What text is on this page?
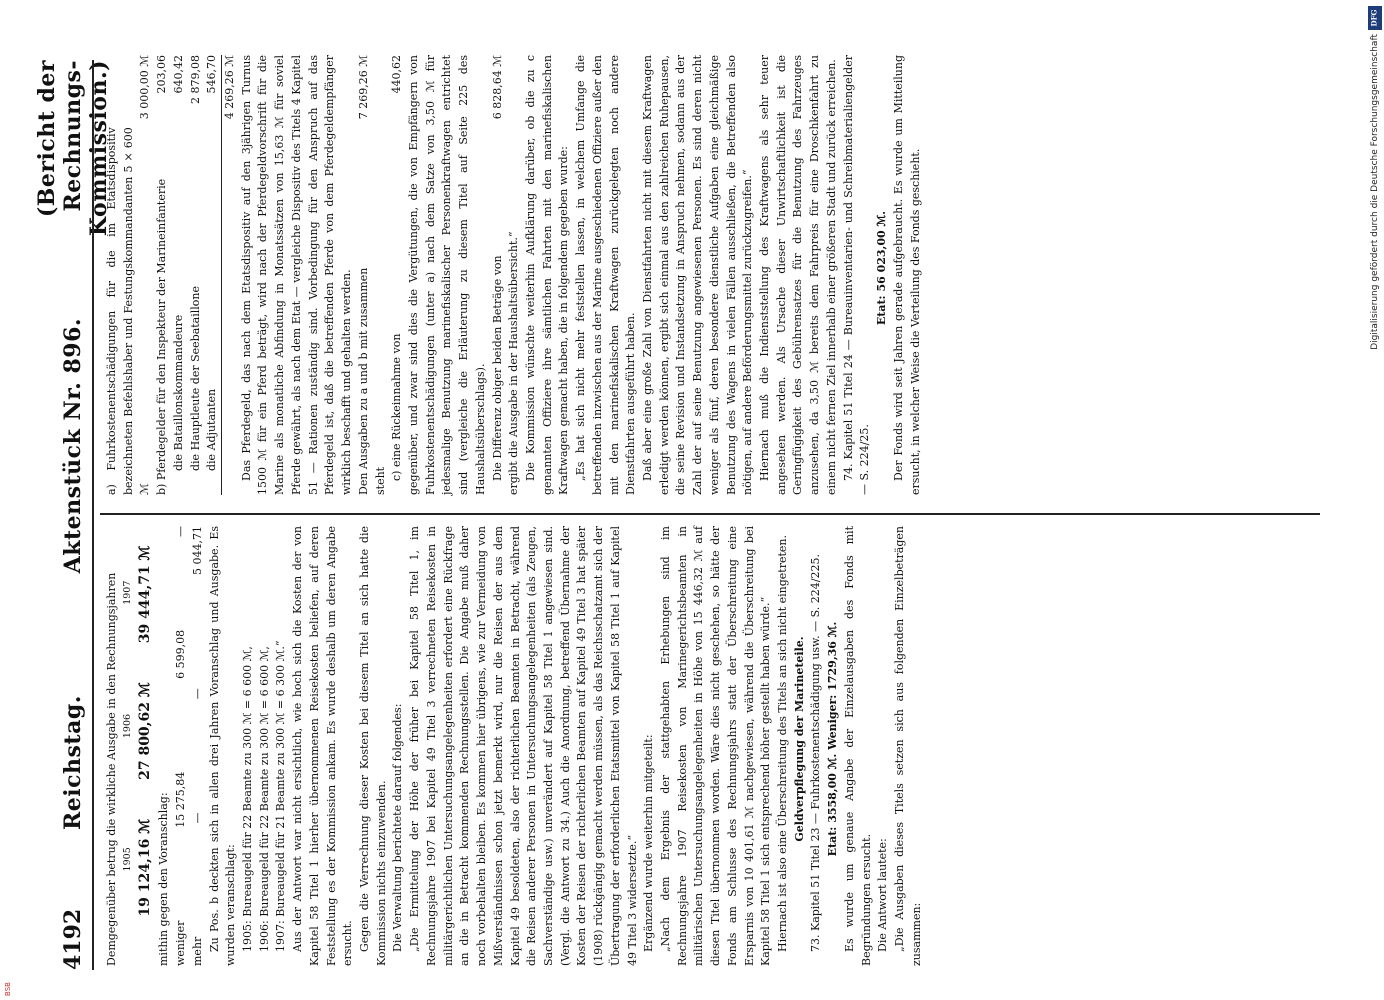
4192
Reichstag.
Aktenstück Nr. 896.
(Bericht der Rechnungs-Kommission.)

Demgegenüber betrug die wirkliche Ausgabe in den Rechnungsjahren 1905
1906
1907
19 124,16 ℳ
27 800,62 ℳ
39 444,71 ℳ

mithin gegen den Voranschlag: weniger
15 275,84
6 599,08
—
mehr
—
—
5 044,71 Zu Pos. b deckten sich in allen drei Jahren Voranschlag und Ausgabe. Es wurden veranschlagt: 1905: Bureaugeld für 22 Beamte zu 300 ℳ = 6 600 ℳ, 1906: Bureaugeld für 22 Beamte zu 300 ℳ = 6 600 ℳ, 1907: Bureaugeld für 21 Beamte zu 300 ℳ = 6 300 ℳ.“ Aus der Antwort war nicht ersichtlich, wie hoch sich die Kosten der von Kapitel 58 Titel 1 hierher übernommenen Reisekosten beliefen, auf deren Feststellung es der Kommission ankam. Es wurde deshalb um deren Angabe ersucht. Gegen die Verrechnung dieser Kosten bei diesem Titel an sich hatte die Kommission nichts einzuwenden. Die Verwaltung berichtete darauf folgendes: „Die Ermittelung der Höhe der früher bei Kapitel 58 Titel 1, im Rechnungsjahre 1907 bei Kapitel 49 Titel 3 verrechneten Reisekosten in militärgerichtlichen Untersuchungsangelegenheiten erfordert eine Rückfrage an die in Betracht kommenden Rechnungsstellen. Die Angabe muß daher noch vorbehalten bleiben. Es kommen hier übrigens, wie zur Vermeidung von Mißverständnissen schon jetzt bemerkt wird, nur die Reisen der aus dem Kapitel 49 besoldeten, also der richterlichen Beamten in Betracht, während die Reisen anderer Personen in Untersuchungsangelegenheiten (als Zeugen, Sachverständige usw.) unverändert auf Kapitel 58 Titel 1 angewiesen sind. (Vergl. die Antwort zu 34.) Auch die Anordnung, betreffend Übernahme der Kosten der Reisen der richterlichen Beamten auf Kapitel 49 Titel 3 hat später (1908) rückgängig gemacht werden müssen, als das Reichsschatzamt sich der Übertragung der erforderlichen Etatsmittel von Kapitel 58 Titel 1 auf Kapitel 49 Titel 3 widersetzte.“ Ergänzend wurde weiterhin mitgeteilt: „Nach dem Ergebnis der stattgehabten Erhebungen sind im Rechnungsjahre 1907 Reisekosten von Marinegerichtsbeamten in militärischen Untersuchungsangelegenheiten in Höhe von 15 446,32 ℳ auf diesen Titel übernommen worden. Wäre dies nicht geschehen, so hätte der Fonds am Schlusse des Rechnungsjahrs statt der Überschreitung eine Ersparnis von 10 401,61 ℳ nachgewiesen, während die Überschreitung bei Kapitel 58 Titel 1 sich entsprechend höher gestellt haben würde.“ Hiernach ist also eine Überschreitung des Titels an sich nicht eingetreten. Geldverpflegung der Marineteile. 73. Kapitel 51 Titel 23 — Fuhrkostenentschädigung usw. — S. 224/225. Etat: 3558,00 ℳ. Weniger: 1729,36 ℳ. Es wurde um genaue Angabe der Einzelausgaben des Fonds mit Begründungen ersucht. Die Antwort lautete: „Die Ausgaben dieses Titels setzen sich aus folgenden Einzelbeträgen zusammen:

a) Fuhrkostenentschädigungen für die im Etatsdispositiv bezeichneten Befehlshaber und Festungskommandanten 5 × 600 ℳ
3 000,00 ℳ
b) Pferdegelder für den Inspekteur der Marineinfanterie
203,06
die Bataillonskommandeure
640,42
die Hauptleute der Seebataillone
2 879,08
die Adjutanten
546,70 4 269,26 ℳ Das Pferdegeld, das nach dem Etatsdispositiv auf den 3jährigen Turnus 1500 ℳ für ein Pferd beträgt, wird nach der Pferdegeldvorschrift für die Marine als monatliche Abfindung in Monatssätzen von 15,63 ℳ für soviel Pferde gewährt, als nach dem Etat — vergleiche Dispositiv des Titels 4 Kapitel 51 — Rationen zuständig sind. Vorbedingung für den Anspruch auf das Pferdegeld ist, daß die betreffenden Pferde von dem Pferdegeldempfänger wirklich beschafft und gehalten werden. Den Ausgaben zu a und b mit zusammen
7 269,26 ℳ

steht c) eine Rückeinnahme von
440,62 gegenüber, und zwar sind dies die Vergütungen, die von Empfängern von Fuhrkostenentschädigungen (unter a) nach dem Satze von 3,50 ℳ für jedesmalige Benutzung marinefiskalischer Personenkraftwagen entrichtet sind (vergleiche die Erläuterung zu diesem Titel auf Seite 225 des Haushaltsüberschlags). Die Differenz obiger beiden Beträge von
6 828,64 ℳ

ergibt die Ausgabe in der Haushaltsübersicht.“ Die Kommission wünschte weiterhin Aufklärung darüber, ob die zu c genannten Offiziere ihre sämtlichen Fahrten mit den marinefiskalischen Kraftwagen gemacht haben, die in folgendem gegeben wurde: „Es hat sich nicht mehr feststellen lassen, in welchem Umfange die betreffenden inzwischen aus der Marine ausgeschiedenen Offiziere außer den mit den marinefiskalischen Kraftwagen zurückgelegten noch andere Dienstfahrten ausgeführt haben. Daß aber eine große Zahl von Dienstfahrten nicht mit diesem Kraftwagen erledigt werden können, ergibt sich einmal aus den zahlreichen Ruhepausen, die seine Revision und Instandsetzung in Anspruch nehmen, sodann aus der Zahl der auf seine Benutzung angewiesenen Personen. Es sind deren nicht weniger als fünf, deren besondere dienstliche Aufgaben eine gleichmäßige Benutzung des Wagens in vielen Fällen ausschließen, die Betreffenden also nötigen, auf andere Beförderungsmittel zurückzugreifen.“ Hiernach muß die Indienststellung des Kraftwagens als sehr teuer angesehen werden. Als Ursache dieser Unwirtschaftlichkeit ist die Geringfügigkeit des Gebührensatzes für die Benutzung des Fahrzeuges anzusehen, da 3,50 ℳ bereits dem Fahrpreis für eine Droschkenfahrt zu einem nicht fernen Ziel innerhalb einer größeren Stadt und zurück erreichen. 74. Kapitel 51 Titel 24 — Bureauinventarien- und Schreibmaterialiengelder — S. 224/25.

Etat: 56 023,00 ℳ. Der Fonds wird seit Jahren gerade aufgebraucht. Es wurde um Mitteilung ersucht, in welcher Weise die Verteilung des Fonds geschieht.

DFG
Digitalisierung gefördert durch die Deutsche Forschungsgemeinschaft
BSB
